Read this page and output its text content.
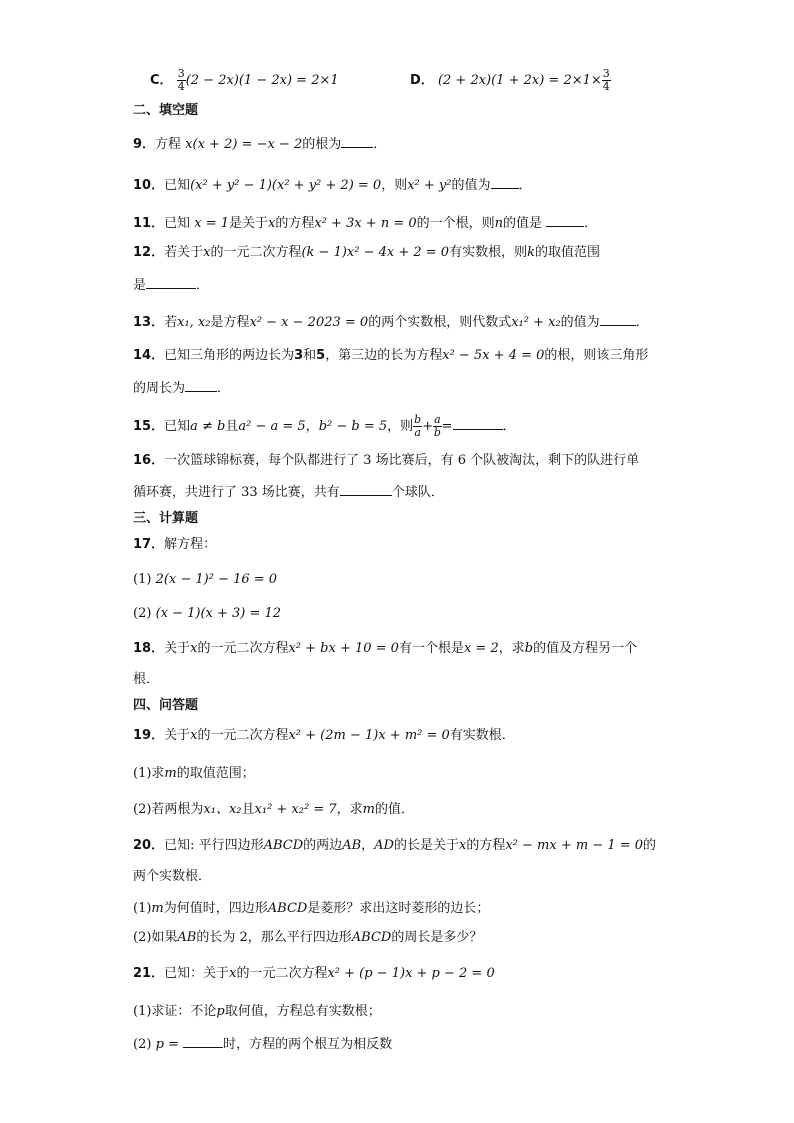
C． $\frac{3}{4} (2 - 2x)(1 - 2x) = 2\times 1$	D． $(2 + 2x)(1 + 2x) = 2\times 1\times \frac{3}{4}$
二、填空题
9．方程 x(x + 2) = −x − 2的根为 ．
10．已知(x² + y² − 1)(x² + y² + 2) = 0，则x² + y²的值为 ．
11．已知 x = 1是关于x的方程x² + 3x + n = 0的一个根，则n的值是	．
12．若关于x的一元二次方程(k − 1)x² − 4x + 2 = 0有实数根，则k的取值范围
是	．
13．若x₁, x₂是方程x² − x − 2023 = 0的两个实数根，则代数式x₁² + x₂的值为	．
14．已知三角形的两边长为3和5，第三边的长为方程x² − 5x + 4 = 0的根，则该三角形
的周长为 ．
15．已知a ≠ b且a² − a = 5，b² − b = 5，则 $\frac{b}{a} + \frac{a}{b}$ =	．
16．一次篮球锦标赛，每个队都进行了 3 场比赛后，有 6 个队被淘汰，剩下的队进行单
循环赛，共进行了 33 场比赛，共有	个球队．
三、计算题
17．解方程：
(1) 2(x − 1)² − 16 = 0
(2) (x − 1)(x + 3) = 12
18．关于x的一元二次方程x² + bx + 10 = 0有一个根是x = 2，求b的值及方程另一个
根．
四、问答题
19．关于x的一元二次方程x² + (2m − 1)x + m² = 0有实数根．
(1)求m的取值范围；
(2)若两根为x₁、x₂且x₁² + x₂² = 7，求m的值．
20．已知: 平行四边形ABCD的两边AB，AD的长是关于x的方程x² − mx + m − 1 = 0的
两个实数根．
(1)m为何值时，四边形ABCD是菱形？求出这时菱形的边长；
(2)如果AB的长为 2，那么平行四边形ABCD的周长是多少？
21．已知：关于x的一元二次方程x² + (p − 1)x + p − 2 = 0
(1)求证：不论p取何值，方程总有实数根；
(2) p =	时，方程的两个根互为相反数
